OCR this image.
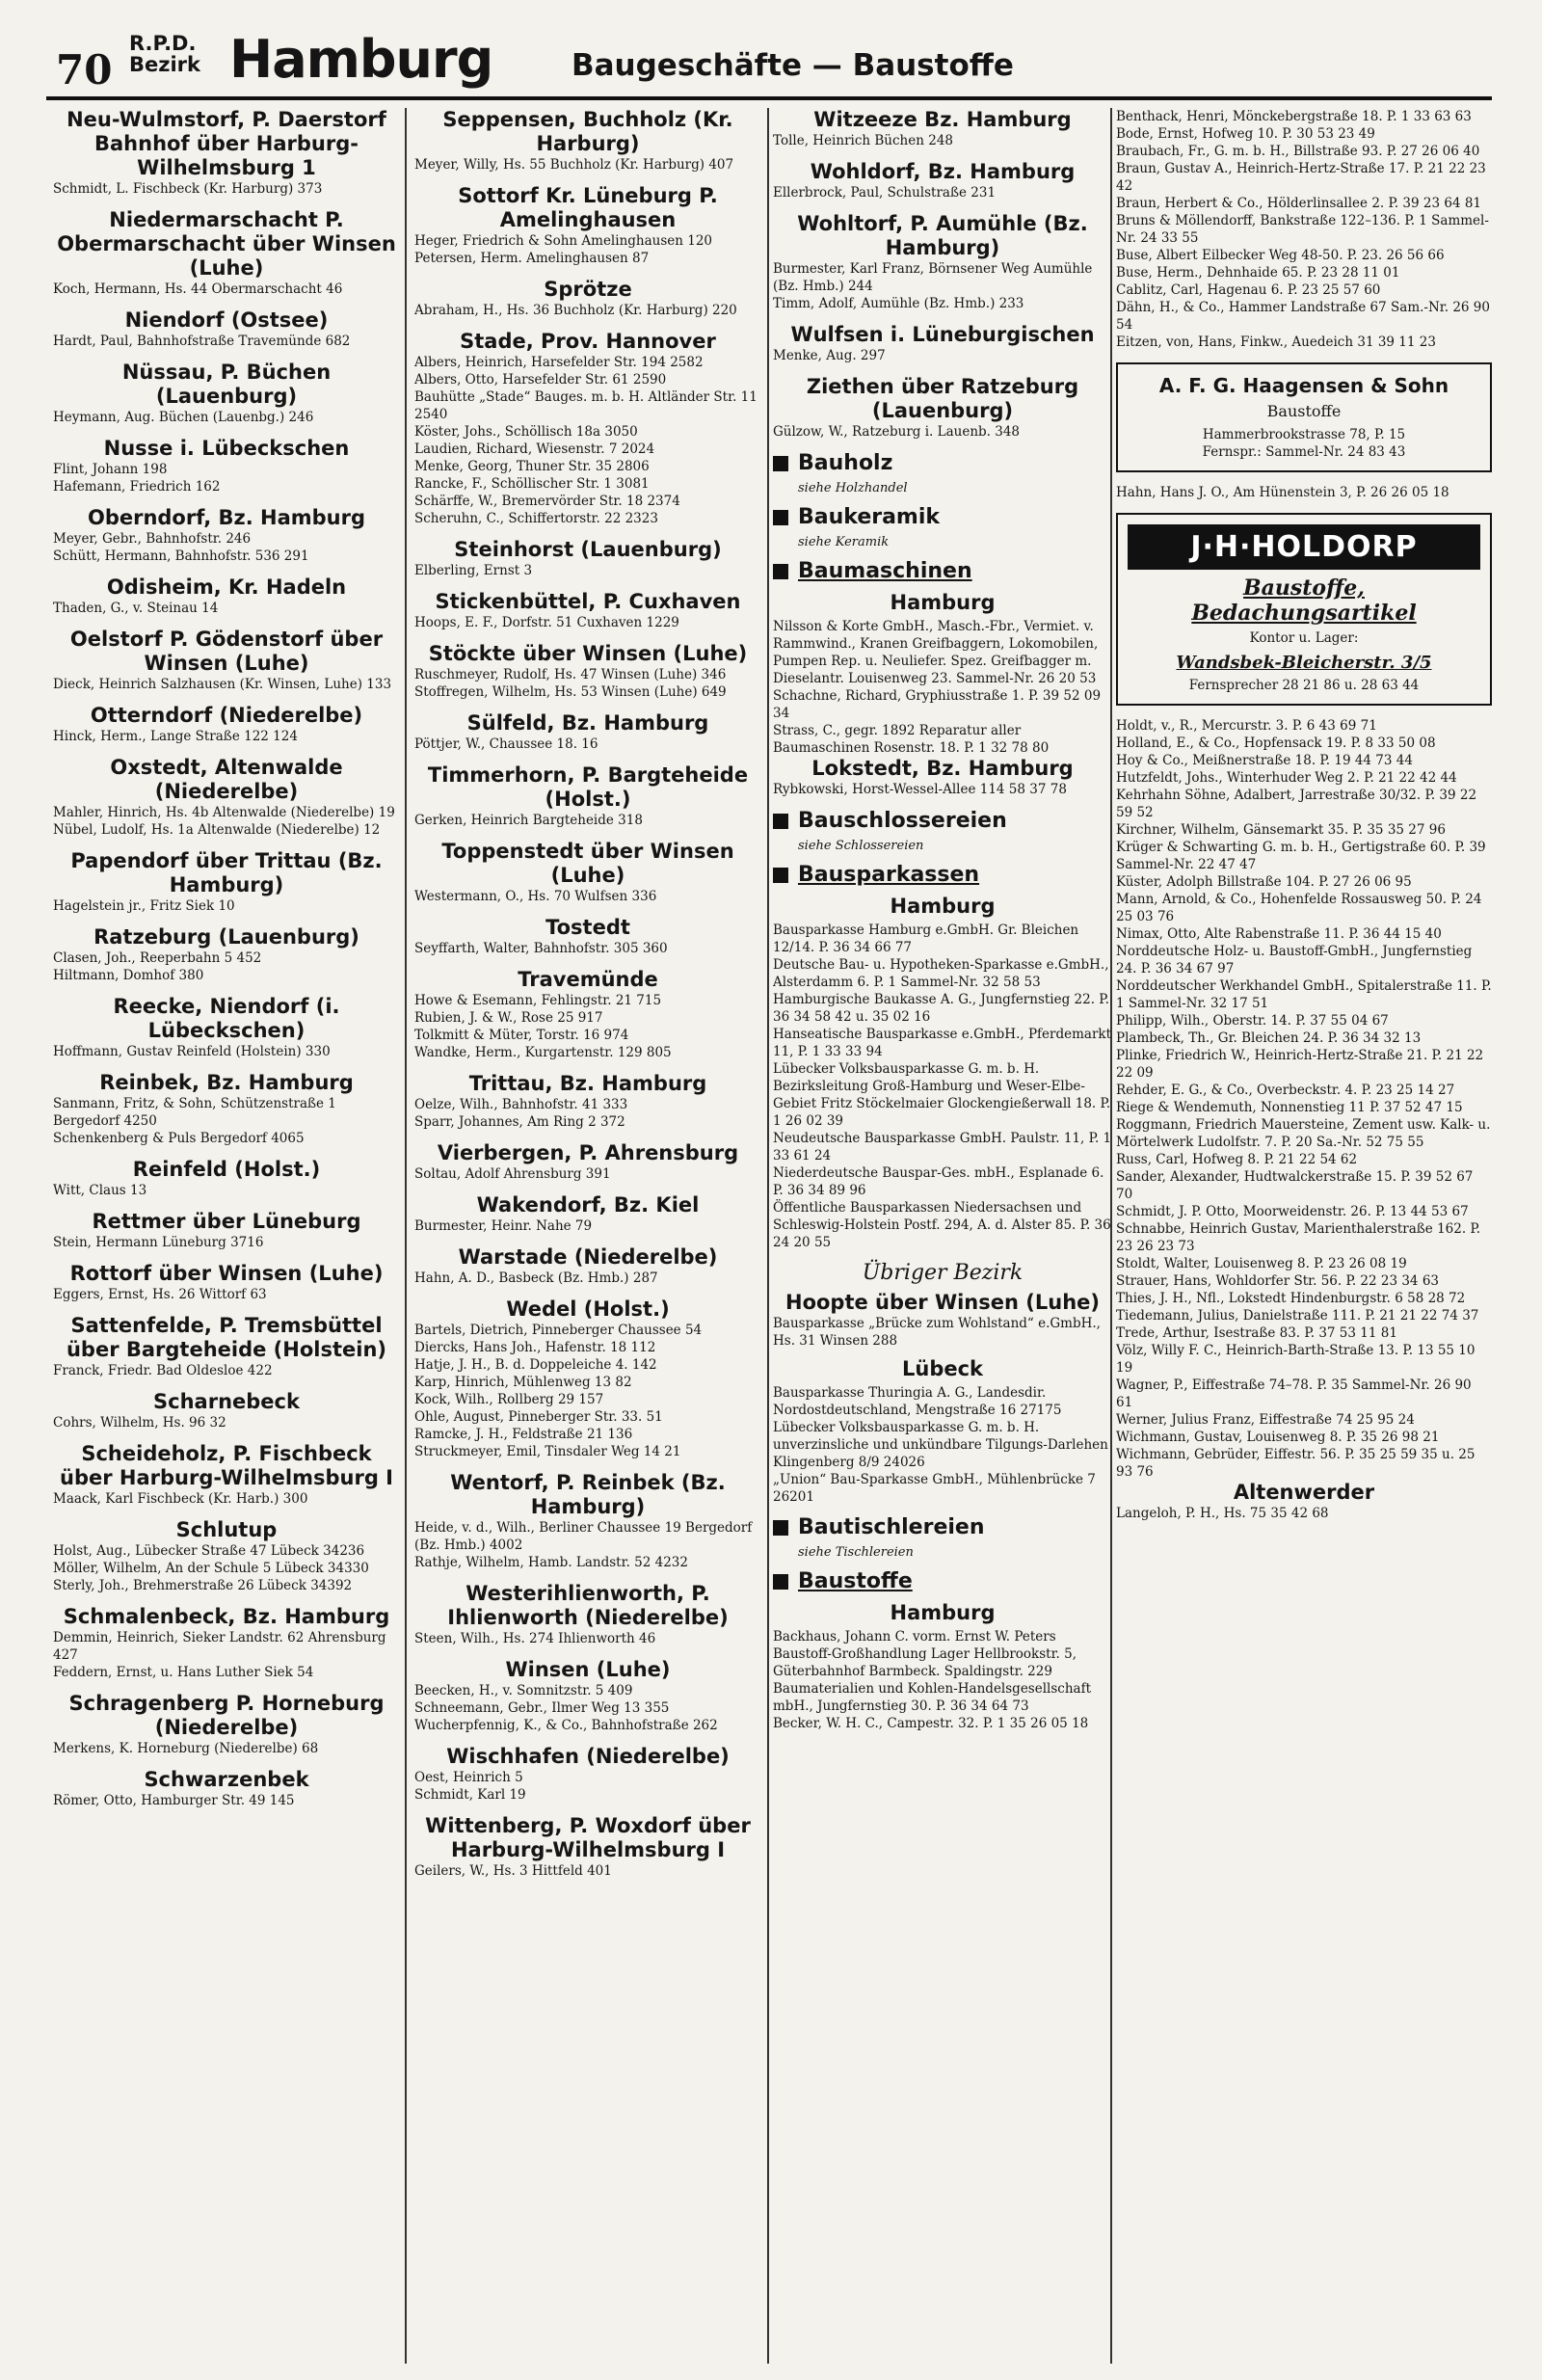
70
R.P.D.
Bezirk Hamburg	Baugeschäfte — Baustoffe
Neu-Wulmstorf, P. Daerstorf Bahnhof über Harburg-Wilhelmsburg 1
Schmidt, L. Fischbeck (Kr. Harburg) 373
Niedermarschacht P. Obermarschacht über Winsen (Luhe)
Koch, Hermann, Hs. 44 Obermarschacht 46
Niendorf (Ostsee)
Hardt, Paul, Bahnhofstraße Travemünde 682
Nüssau, P. Büchen (Lauenburg)
Heymann, Aug. Büchen (Lauenbg.) 246
Nusse i. Lübeckschen
Flint, Johann 198
Hafemann, Friedrich 162
Oberndorf, Bz. Hamburg
Meyer, Gebr., Bahnhofstr. 246
Schütt, Hermann, Bahnhofstr. 536 291
Odisheim, Kr. Hadeln
Thaden, G., v. Steinau 14
Oelstorf P. Gödenstorf über Winsen (Luhe)
Dieck, Heinrich Salzhausen (Kr. Winsen, Luhe) 133
Otterndorf (Niederelbe)
Hinck, Herm., Lange Straße 122 124
Oxstedt, Altenwalde (Niederelbe)
Mahler, Hinrich, Hs. 4b Altenwalde (Niederelbe) 19
Nübel, Ludolf, Hs. 1a Altenwalde (Niederelbe) 12
Papendorf über Trittau (Bz. Hamburg)
Hagelstein jr., Fritz Siek 10
Ratzeburg (Lauenburg)
Clasen, Joh., Reeperbahn 5 452
Hiltmann, Domhof 380
Reecke, Niendorf (i. Lübeckschen)
Hoffmann, Gustav Reinfeld (Holstein) 330
Reinbek, Bz. Hamburg
Sanmann, Fritz, & Sohn, Schützenstraße 1 Bergedorf 4250
Schenkenberg & Puls Bergedorf 4065
Reinfeld (Holst.)
Witt, Claus 13
Rettmer über Lüneburg
Stein, Hermann Lüneburg 3716
Rottorf über Winsen (Luhe)
Eggers, Ernst, Hs. 26 Wittorf 63
Sattenfelde, P. Tremsbüttel über Bargteheide (Holstein)
Franck, Friedr. Bad Oldesloe 422
Scharnebeck
Cohrs, Wilhelm, Hs. 96 32
Scheideholz, P. Fischbeck über Harburg-Wilhelmsburg I
Maack, Karl Fischbeck (Kr. Harb.) 300
Schlutup
Holst, Aug., Lübecker Straße 47 Lübeck 34236
Möller, Wilhelm, An der Schule 5 Lübeck 34330
Sterly, Joh., Brehmerstraße 26 Lübeck 34392
Schmalenbeck, Bz. Hamburg
Demmin, Heinrich, Sieker Landstr. 62 Ahrensburg 427
Feddern, Ernst, u. Hans Luther Siek 54
Schragenberg P. Horneburg (Niederelbe)
Merkens, K. Horneburg (Niederelbe) 68
Schwarzenbek
Römer, Otto, Hamburger Str. 49 145
Seppensen, Buchholz (Kr. Harburg)
Meyer, Willy, Hs. 55 Buchholz (Kr. Harburg) 407
Sottorf Kr. Lüneburg P. Amelinghausen
Heger, Friedrich & Sohn Amelinghausen 120
Petersen, Herm. Amelinghausen 87
Sprötze
Abraham, H., Hs. 36 Buchholz (Kr. Harburg) 220
Stade, Prov. Hannover
Albers, Heinrich, Harsefelder Str. 194 2582
Albers, Otto, Harsefelder Str. 61 2590
Bauhütte „Stade“ Bauges. m. b. H. Altländer Str. 11 2540
Köster, Johs., Schöllisch 18a 3050
Laudien, Richard, Wiesenstr. 7 2024
Menke, Georg, Thuner Str. 35 2806
Rancke, F., Schöllischer Str. 1 3081
Schärffe, W., Bremervörder Str. 18 2374
Scheruhn, C., Schiffertorstr. 22 2323
Steinhorst (Lauenburg)
Elberling, Ernst 3
Stickenbüttel, P. Cuxhaven
Hoops, E. F., Dorfstr. 51 Cuxhaven 1229
Stöckte über Winsen (Luhe)
Ruschmeyer, Rudolf, Hs. 47 Winsen (Luhe) 346
Stoffregen, Wilhelm, Hs. 53 Winsen (Luhe) 649
Sülfeld, Bz. Hamburg
Pöttjer, W., Chaussee 18. 16
Timmerhorn, P. Bargteheide (Holst.)
Gerken, Heinrich Bargteheide 318
Toppenstedt über Winsen (Luhe)
Westermann, O., Hs. 70 Wulfsen 336
Tostedt
Seyffarth, Walter, Bahnhofstr. 305 360
Travemünde
Howe & Esemann, Fehlingstr. 21 715
Rubien, J. & W., Rose 25 917
Tolkmitt & Müter, Torstr. 16 974
Wandke, Herm., Kurgartenstr. 129 805
Trittau, Bz. Hamburg
Oelze, Wilh., Bahnhofstr. 41 333
Sparr, Johannes, Am Ring 2 372
Vierbergen, P. Ahrensburg
Soltau, Adolf Ahrensburg 391
Wakendorf, Bz. Kiel
Burmester, Heinr. Nahe 79
Warstade (Niederelbe)
Hahn, A. D., Basbeck (Bz. Hmb.) 287
Wedel (Holst.)
Bartels, Dietrich, Pinneberger Chaussee 54
Diercks, Hans Joh., Hafenstr. 18 112
Hatje, J. H., B. d. Doppeleiche 4. 142
Karp, Hinrich, Mühlenweg 13 82
Kock, Wilh., Rollberg 29 157
Ohle, August, Pinneberger Str. 33. 51
Ramcke, J. H., Feldstraße 21 136
Struckmeyer, Emil, Tinsdaler Weg 14 21
Wentorf, P. Reinbek (Bz. Hamburg)
Heide, v. d., Wilh., Berliner Chaussee 19 Bergedorf (Bz. Hmb.) 4002
Rathje, Wilhelm, Hamb. Landstr. 52 4232
Westerihlienworth, P. Ihlienworth (Niederelbe)
Steen, Wilh., Hs. 274 Ihlienworth 46
Winsen (Luhe)
Beecken, H., v. Somnitzstr. 5 409
Schneemann, Gebr., Ilmer Weg 13 355
Wucherpfennig, K., & Co., Bahnhofstraße 262
Wischhafen (Niederelbe)
Oest, Heinrich 5
Schmidt, Karl 19
Wittenberg, P. Woxdorf über Harburg-Wilhelmsburg I
Geilers, W., Hs. 3 Hittfeld 401
Witzeeze Bz. Hamburg
Tolle, Heinrich Büchen 248
Wohldorf, Bz. Hamburg
Ellerbrock, Paul, Schulstraße 231
Wohltorf, P. Aumühle (Bz. Hamburg)
Burmester, Karl Franz, Börnsener Weg Aumühle (Bz. Hmb.) 244
Timm, Adolf, Aumühle (Bz. Hmb.) 233
Wulfsen i. Lüneburgischen
Menke, Aug. 297
Ziethen über Ratzeburg (Lauenburg)
Gülzow, W., Ratzeburg i. Lauenb. 348
Bauholz
siehe Holzhandel
Baukeramik
siehe Keramik
Baumaschinen
Hamburg
Nilsson & Korte GmbH., Masch.-Fbr., Vermiet. v. Rammwind., Kranen Greifbaggern, Lokomobilen, Pumpen Rep. u. Neuliefer. Spez. Greifbagger m. Dieselantr. Louisenweg 23. Sammel-Nr. 26 20 53
Schachne, Richard, Gryphiusstraße 1. P. 39 52 09 34
Strass, C., gegr. 1892 Reparatur aller Baumaschinen Rosenstr. 18. P. 1 32 78 80
Lokstedt, Bz. Hamburg
Rybkowski, Horst-Wessel-Allee 114 58 37 78
Bauschlossereien
siehe Schlossereien
Bausparkassen
Hamburg
Bausparkasse Hamburg e.GmbH. Gr. Bleichen 12/14. P. 36 34 66 77
Deutsche Bau- u. Hypotheken-Sparkasse e.GmbH., Alsterdamm 6. P. 1 Sammel-Nr. 32 58 53
Hamburgische Baukasse A. G., Jungfernstieg 22. P. 36 34 58 42 u. 35 02 16
Hanseatische Bausparkasse e.GmbH., Pferdemarkt 11, P. 1 33 33 94
Lübecker Volksbausparkasse G. m. b. H. Bezirksleitung Groß-Hamburg und Weser-Elbe-Gebiet Fritz Stöckelmaier Glockengießerwall 18. P. 1 26 02 39
Neudeutsche Bausparkasse GmbH. Paulstr. 11, P. 1 33 61 24
Niederdeutsche Bauspar-Ges. mbH., Esplanade 6. P. 36 34 89 96
Öffentliche Bausparkassen Niedersachsen und Schleswig-Holstein Postf. 294, A. d. Alster 85. P. 36 24 20 55
Übriger Bezirk
Hoopte über Winsen (Luhe)
Bausparkasse „Brücke zum Wohlstand“ e.GmbH., Hs. 31 Winsen 288
Lübeck
Bausparkasse Thuringia A. G., Landesdir. Nordostdeutschland, Mengstraße 16 27175
Lübecker Volksbausparkasse G. m. b. H. unverzinsliche und unkündbare Tilgungs-Darlehen Klingenberg 8/9 24026
„Union“ Bau-Sparkasse GmbH., Mühlenbrücke 7 26201
Bautischlereien
siehe Tischlereien
Baustoffe
Hamburg
Backhaus, Johann C. vorm. Ernst W. Peters Baustoff-Großhandlung Lager Hellbrookstr. 5, Güterbahnhof Barmbeck. Spaldingstr. 229 Baumaterialien und Kohlen-Handelsgesellschaft mbH., Jungfernstieg 30. P. 36 34 64 73
Becker, W. H. C., Campestr. 32. P. 1 35 26 05 18
Benthack, Henri, Mönckebergstraße 18. P. 1 33 63 63
Bode, Ernst, Hofweg 10. P. 30 53 23 49
Braubach, Fr., G. m. b. H., Billstraße 93. P. 27 26 06 40
Braun, Gustav A., Heinrich-Hertz-Straße 17. P. 21 22 23 42
Braun, Herbert & Co., Hölderlinsallee 2. P. 39 23 64 81
Bruns & Möllendorff, Bankstraße 122–136. P. 1 Sammel-Nr. 24 33 55
Buse, Albert Eilbecker Weg 48-50. P. 23. 26 56 66
Buse, Herm., Dehnhaide 65. P. 23 28 11 01
Cablitz, Carl, Hagenau 6. P. 23 25 57 60
Dähn, H., & Co., Hammer Landstraße 67 Sam.-Nr. 26 90 54
Eitzen, von, Hans, Finkw., Auedeich 31 39 11 23
A. F. G. Haagensen & Sohn
Baustoffe
Hammerbrookstrasse 78, P. 15
Fernspr.: Sammel-Nr. 24 83 43
Hahn, Hans J. O., Am Hünenstein 3, P. 26 26 05 18
J·H·HOLDORP
Baustoffe, Bedachungsartikel
Kontor u. Lager:
Wandsbek-Bleicherstr. 3/5
Fernsprecher 28 21 86 u. 28 63 44
Holdt, v., R., Mercurstr. 3. P. 6 43 69 71
Holland, E., & Co., Hopfensack 19. P. 8 33 50 08
Hoy & Co., Meißnerstraße 18. P. 19 44 73 44
Hutzfeldt, Johs., Winterhuder Weg 2. P. 21 22 42 44
Kehrhahn Söhne, Adalbert, Jarrestraße 30/32. P. 39 22 59 52
Kirchner, Wilhelm, Gänsemarkt 35. P. 35 35 27 96
Krüger & Schwarting G. m. b. H., Gertigstraße 60. P. 39 Sammel-Nr. 22 47 47
Küster, Adolph Billstraße 104. P. 27 26 06 95
Mann, Arnold, & Co., Hohenfelde Rossausweg 50. P. 24 25 03 76
Nimax, Otto, Alte Rabenstraße 11. P. 36 44 15 40
Norddeutsche Holz- u. Baustoff-GmbH., Jungfernstieg 24. P. 36 34 67 97
Norddeutscher Werkhandel GmbH., Spitalerstraße 11. P. 1 Sammel-Nr. 32 17 51
Philipp, Wilh., Oberstr. 14. P. 37 55 04 67
Plambeck, Th., Gr. Bleichen 24. P. 36 34 32 13
Plinke, Friedrich W., Heinrich-Hertz-Straße 21. P. 21 22 22 09
Rehder, E. G., & Co., Overbeckstr. 4. P. 23 25 14 27
Riege & Wendemuth, Nonnenstieg 11 P. 37 52 47 15
Roggmann, Friedrich Mauersteine, Zement usw. Kalk- u. Mörtelwerk Ludolfstr. 7. P. 20 Sa.-Nr. 52 75 55
Russ, Carl, Hofweg 8. P. 21 22 54 62
Sander, Alexander, Hudtwalckerstraße 15. P. 39 52 67 70
Schmidt, J. P. Otto, Moorweidenstr. 26. P. 13 44 53 67
Schnabbe, Heinrich Gustav, Marienthalerstraße 162. P. 23 26 23 73
Stoldt, Walter, Louisenweg 8. P. 23 26 08 19
Strauer, Hans, Wohldorfer Str. 56. P. 22 23 34 63
Thies, J. H., Nfl., Lokstedt Hindenburgstr. 6 58 28 72
Tiedemann, Julius, Danielstraße 111. P. 21 21 22 74 37
Trede, Arthur, Isestraße 83. P. 37 53 11 81
Völz, Willy F. C., Heinrich-Barth-Straße 13. P. 13 55 10 19
Wagner, P., Eiffestraße 74–78. P. 35 Sammel-Nr. 26 90 61
Werner, Julius Franz, Eiffestraße 74 25 95 24
Wichmann, Gustav, Louisenweg 8. P. 35 26 98 21
Wichmann, Gebrüder, Eiffestr. 56. P. 35 25 59 35 u. 25 93 76
Altenwerder
Langeloh, P. H., Hs. 75 35 42 68
